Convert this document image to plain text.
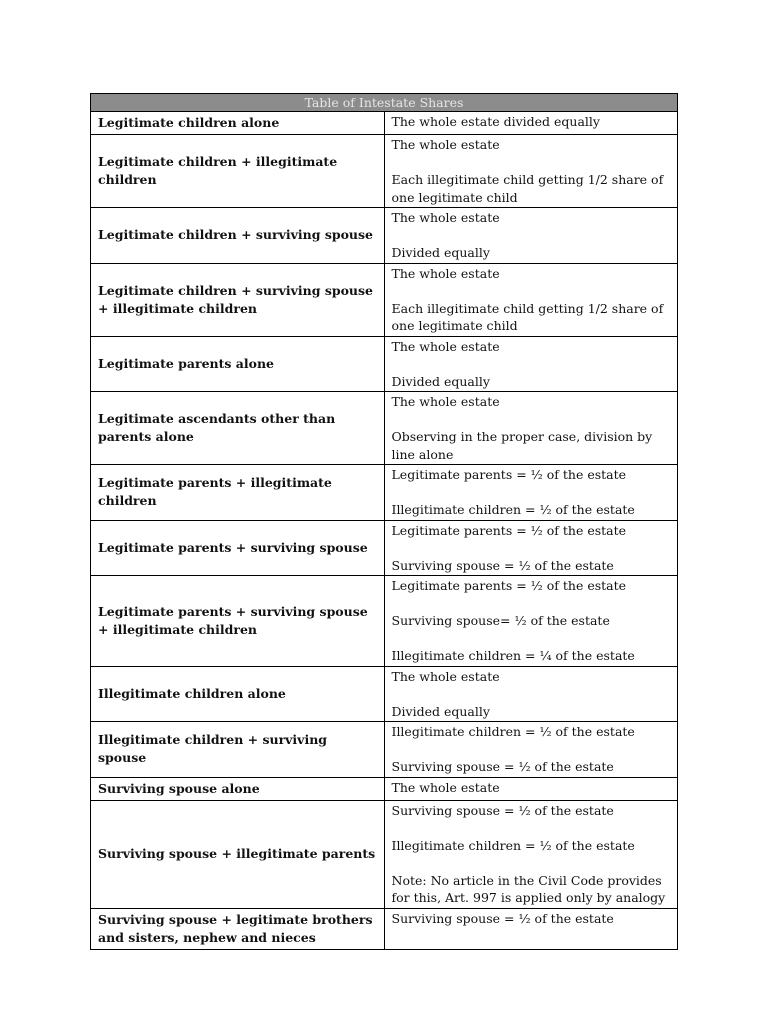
Table of Intestate Shares	
Legitimate children alone	The whole estate divided equally

Legitimate children + illegitimate children	The whole estate
Each illegitimate child getting 1/2 share of one legitimate child

Legitimate children + surviving spouse	The whole estate
Divided equally

Legitimate children + surviving spouse + illegitimate children	The whole estate
Each illegitimate child getting 1/2 share of one legitimate child

Legitimate parents alone	The whole estate
Divided equally

Legitimate ascendants other than parents alone	The whole estate
Observing in the proper case, division by line alone

Legitimate parents + illegitimate children	Legitimate parents = ½ of the estate
Illegitimate children = ½ of the estate

Legitimate parents + surviving spouse	Legitimate parents = ½ of the estate
Surviving spouse = ½ of the estate

Legitimate parents + surviving spouse + illegitimate children	Legitimate parents = ½ of the estate
Surviving spouse= ½ of the estate
Illegitimate children = ¼ of the estate

Illegitimate children alone	The whole estate
Divided equally

Illegitimate children + surviving spouse	Illegitimate children = ½ of the estate
Surviving spouse = ½ of the estate

Surviving spouse alone	The whole estate

Surviving spouse + illegitimate parents	Surviving spouse = ½ of the estate
Illegitimate children = ½ of the estate
Note: No article in the Civil Code provides for this, Art. 997 is applied only by analogy

Surviving spouse + legitimate brothers and sisters, nephew and nieces	Surviving spouse = ½ of the estate
